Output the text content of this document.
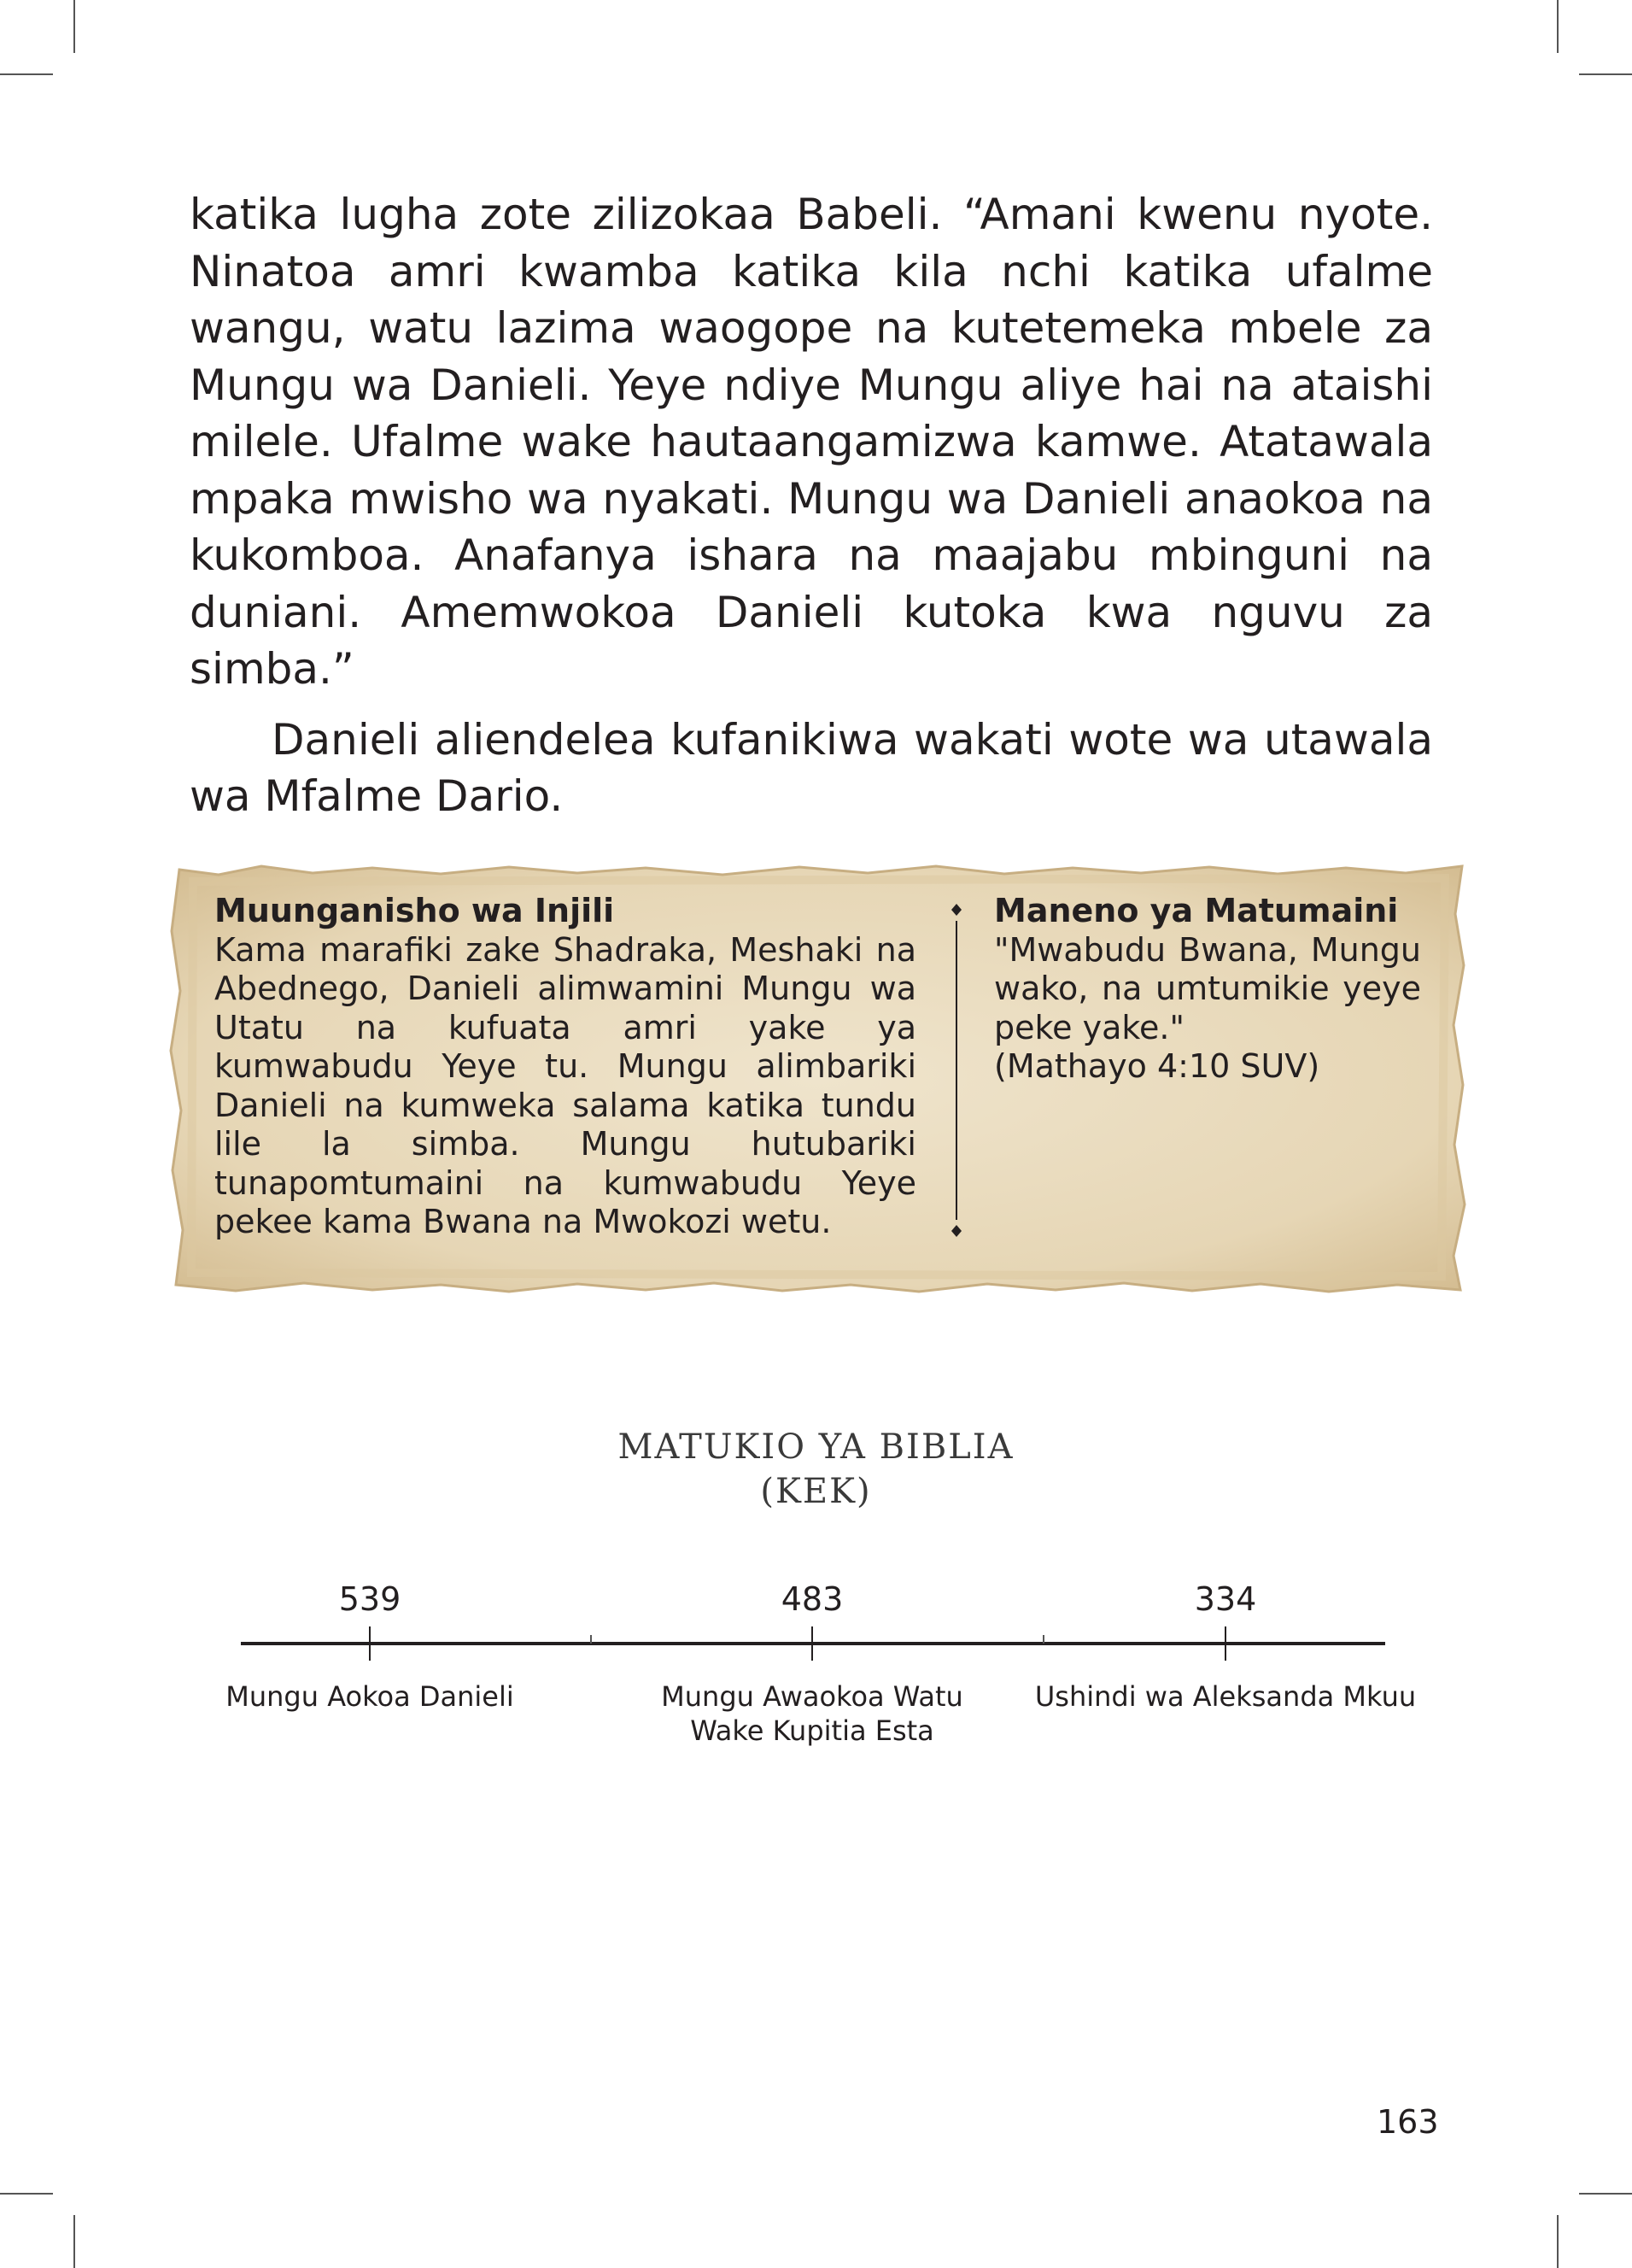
katika lugha zote zilizokaa Babeli. “Amani kwenu nyote. Ninatoa amri kwamba katika kila nchi katika ufalme wangu, watu lazima waogope na kutetemeka mbele za Mungu wa Danieli. Yeye ndiye Mungu aliye hai na ataishi milele. Ufalme wake hautaangamizwa kamwe. Atatawala mpaka mwisho wa nyakati. Mungu wa Danieli anaokoa na kukomboa. Anafanya ishara na maajabu mbinguni na duniani. Amemwokoa Danieli kutoka kwa nguvu za simba.”

Danieli aliendelea kufanikiwa wakati wote wa utawala wa Mfalme Dario.

Muunganisho wa Injili

Kama marafiki zake Shadraka, Meshaki na Abednego, Danieli alimwamini Mungu wa Utatu na kufuata amri yake ya kumwabudu Yeye tu. Mungu alimbariki Danieli na kumweka salama katika tundu lile la simba. Mungu hutubariki tunapomtumaini na kumwabudu Yeye pekee kama Bwana na Mwokozi wetu.

Maneno ya Matumaini

"Mwabudu Bwana, Mungu wako, na umtumikie yeye peke yake."

(Mathayo 4:10 SUV)

MATUKIO YA BIBLIA
(KEK)
539	483	334
Mungu Aokoa Danieli	Mungu Awaokoa Watu
Wake Kupitia Esta
Ushindi wa Aleksanda Mkuu
163
